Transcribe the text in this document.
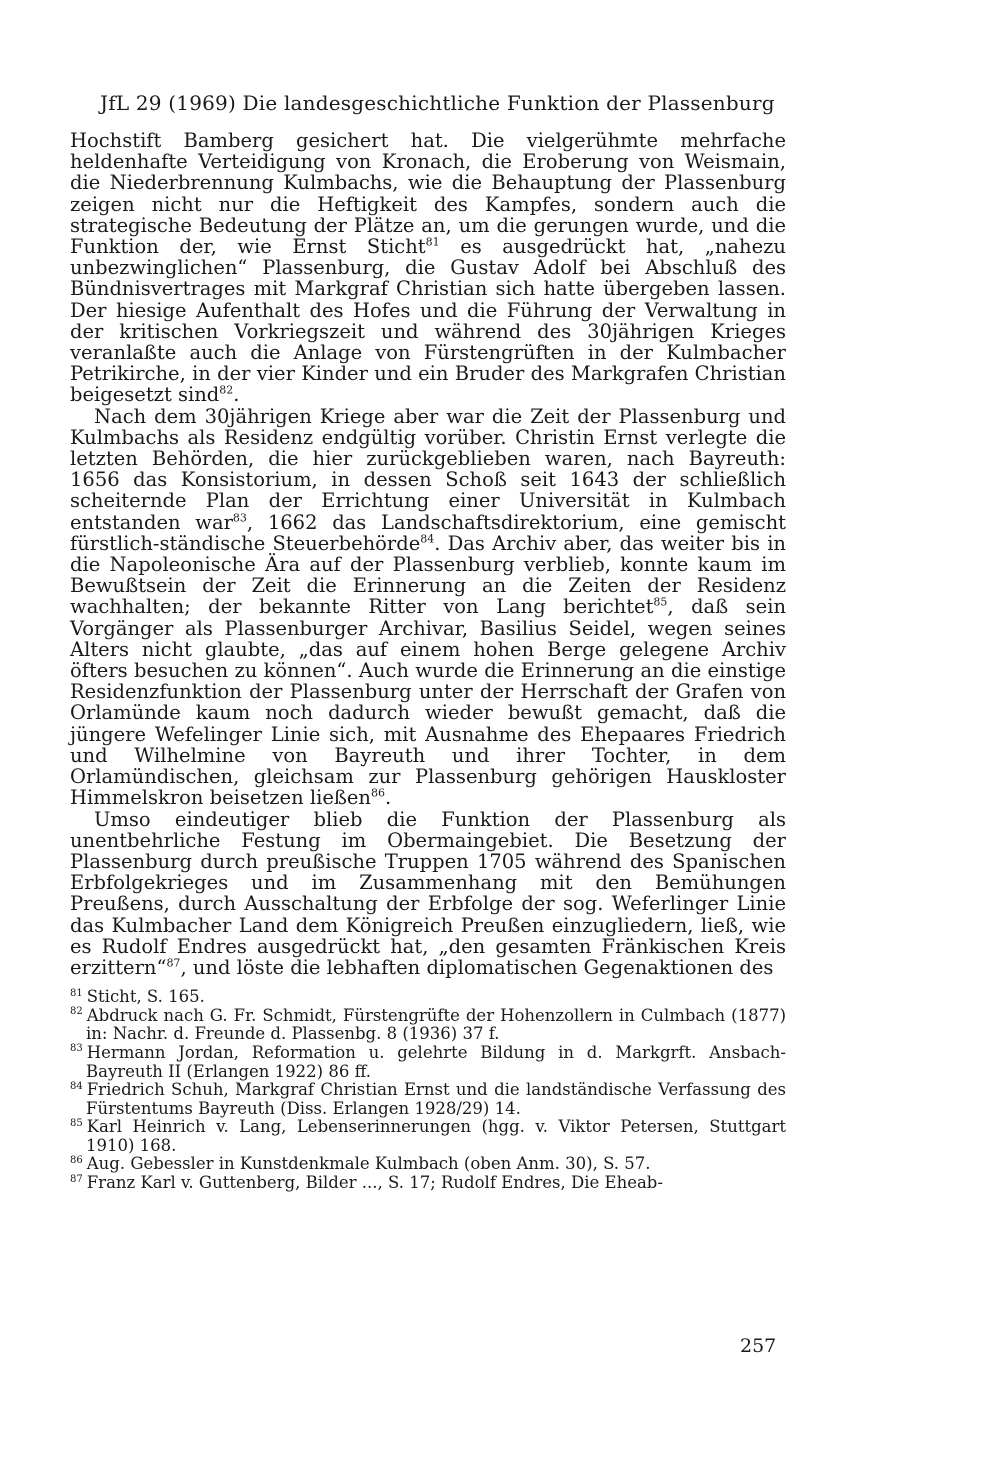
JfL 29 (1969) Die landesgeschichtliche Funktion der Plassenburg

Hochstift Bamberg gesichert hat. Die vielgerühmte mehrfache heldenhafte Verteidigung von Kronach, die Eroberung von Weismain, die Niederbrennung Kulmbachs, wie die Behauptung der Plassenburg zeigen nicht nur die Heftigkeit des Kampfes, sondern auch die strategische Bedeutung der Plätze an, um die gerungen wurde, und die Funktion der, wie Ernst Sticht$^{81}$ es ausgedrückt hat, „nahezu unbezwinglichen“ Plassenburg, die Gustav Adolf bei Abschluß des Bündnisvertrages mit Markgraf Christian sich hatte übergeben lassen. Der hiesige Aufenthalt des Hofes und die Führung der Verwaltung in der kritischen Vorkriegszeit und während des 30jährigen Krieges veranlaßte auch die Anlage von Fürstengrüften in der Kulmbacher Petrikirche, in der vier Kinder und ein Bruder des Markgrafen Christian beigesetzt sind$^{82}$.

Nach dem 30jährigen Kriege aber war die Zeit der Plassenburg und Kulmbachs als Residenz endgültig vorüber. Christin Ernst verlegte die letzten Behörden, die hier zurückgeblieben waren, nach Bayreuth: 1656 das Konsistorium, in dessen Schoß seit 1643 der schließlich scheiternde Plan der Errichtung einer Universität in Kulmbach entstanden war$^{83}$, 1662 das Landschaftsdirektorium, eine gemischt fürstlich-ständische Steuerbehörde$^{84}$. Das Archiv aber, das weiter bis in die Napoleonische Ära auf der Plassenburg verblieb, konnte kaum im Bewußtsein der Zeit die Erinnerung an die Zeiten der Residenz wachhalten; der bekannte Ritter von Lang berichtet$^{85}$, daß sein Vorgänger als Plassenburger Archivar, Basilius Seidel, wegen seines Alters nicht glaubte, „das auf einem hohen Berge gelegene Archiv öfters besuchen zu können“. Auch wurde die Erinnerung an die einstige Residenzfunktion der Plassenburg unter der Herrschaft der Grafen von Orlamünde kaum noch dadurch wieder bewußt gemacht, daß die jüngere Wefelinger Linie sich, mit Ausnahme des Ehepaares Friedrich und Wilhelmine von Bayreuth und ihrer Tochter, in dem Orlamündischen, gleichsam zur Plassenburg gehörigen Hauskloster Himmelskron beisetzen ließen$^{86}$.

Umso eindeutiger blieb die Funktion der Plassenburg als unentbehrliche Festung im Obermaingebiet. Die Besetzung der Plassenburg durch preußische Truppen 1705 während des Spanischen Erbfolgekrieges und im Zusammenhang mit den Bemühungen Preußens, durch Ausschaltung der Erbfolge der sog. Weferlinger Linie das Kulmbacher Land dem Königreich Preußen einzugliedern, ließ, wie es Rudolf Endres ausgedrückt hat, „den gesamten Fränkischen Kreis erzittern“$^{87}$, und löste die lebhaften diplomatischen Gegenaktionen des

$^{81}$ Sticht, S. 165.

$^{82}$ Abdruck nach G. Fr. Schmidt, Fürstengrüfte der Hohenzollern in Culmbach (1877) in: Nachr. d. Freunde d. Plassenbg. 8 (1936) 37 f.

$^{83}$ Hermann Jordan, Reformation u. gelehrte Bildung in d. Markgrft. Ansbach-Bayreuth II (Erlangen 1922) 86 ff.

$^{84}$ Friedrich Schuh, Markgraf Christian Ernst und die landständische Verfassung des Fürstentums Bayreuth (Diss. Erlangen 1928/29) 14.

$^{85}$ Karl Heinrich v. Lang, Lebenserinnerungen (hgg. v. Viktor Petersen, Stuttgart 1910) 168.

$^{86}$ Aug. Gebessler in Kunstdenkmale Kulmbach (oben Anm. 30), S. 57.

$^{87}$ Franz Karl v. Guttenberg, Bilder ..., S. 17; Rudolf Endres, Die Eheab-

257
